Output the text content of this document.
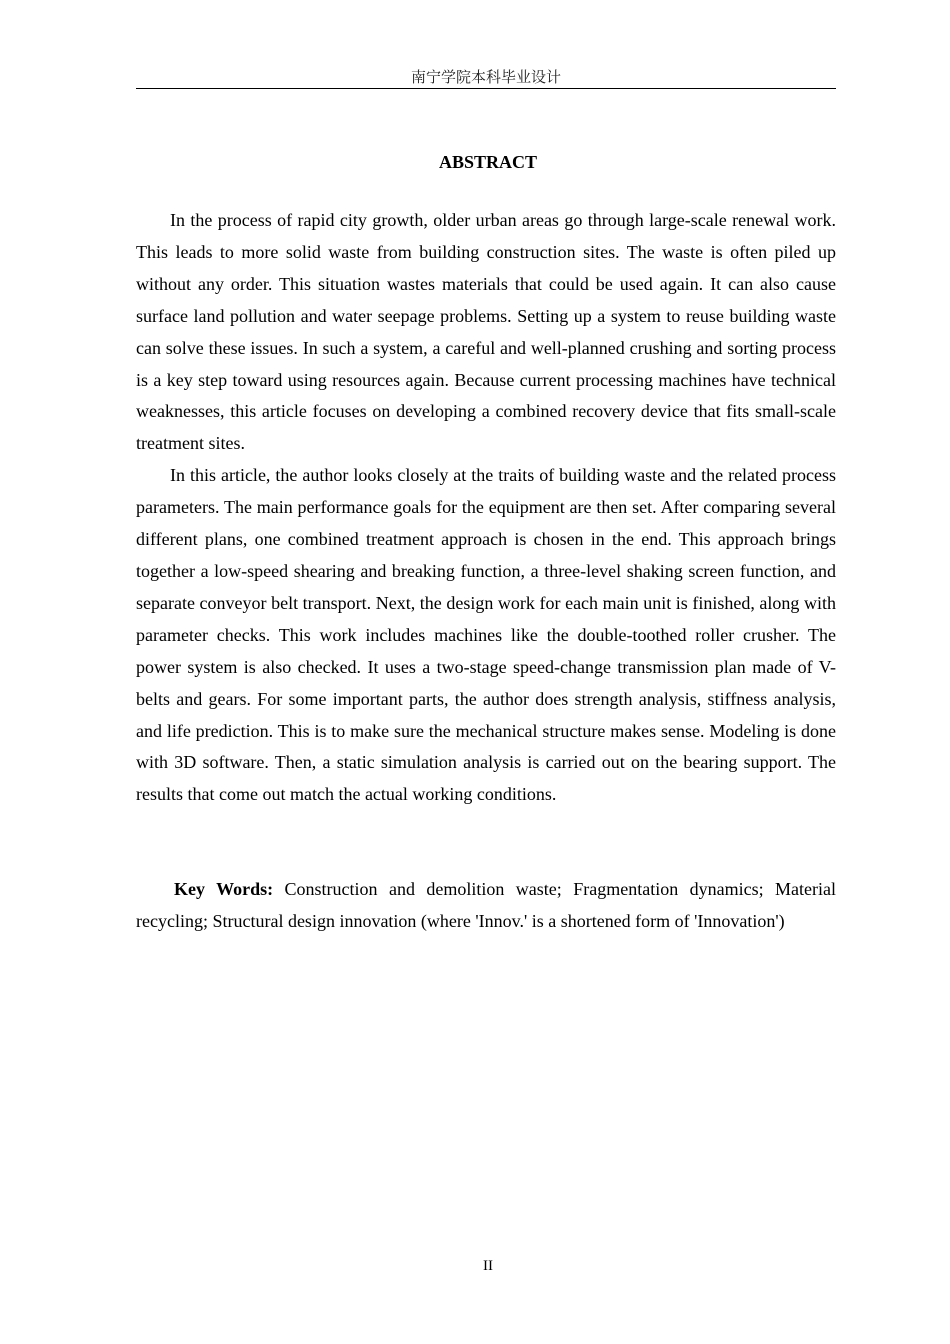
南宁学院本科毕业设计
ABSTRACT

In the process of rapid city growth, older urban areas go through large-scale renewal work. This leads to more solid waste from building construction sites. The waste is often piled up without any order. This situation wastes materials that could be used again. It can also cause surface land pollution and water seepage problems. Setting up a system to reuse building waste can solve these issues. In such a system, a careful and well-planned crushing and sorting process is a key step toward using resources again. Because current processing machines have technical weaknesses, this article focuses on developing a combined recovery device that fits small-scale treatment sites.

In this article, the author looks closely at the traits of building waste and the related process parameters. The main performance goals for the equipment are then set. After comparing several different plans, one combined treatment approach is chosen in the end. This approach brings together a low-speed shearing and breaking function, a three-level shaking screen function, and separate conveyor belt transport. Next, the design work for each main unit is finished, along with parameter checks. This work includes machines like the double-toothed roller crusher. The power system is also checked. It uses a two-stage speed-change transmission plan made of V-belts and gears. For some important parts, the author does strength analysis, stiffness analysis, and life prediction. This is to make sure the mechanical structure makes sense. Modeling is done with 3D software. Then, a static simulation analysis is carried out on the bearing support. The results that come out match the actual working conditions.

Key Words: Construction and demolition waste; Fragmentation dynamics; Material recycling; Structural design innovation (where 'Innov.' is a shortened form of 'Innovation')

II
